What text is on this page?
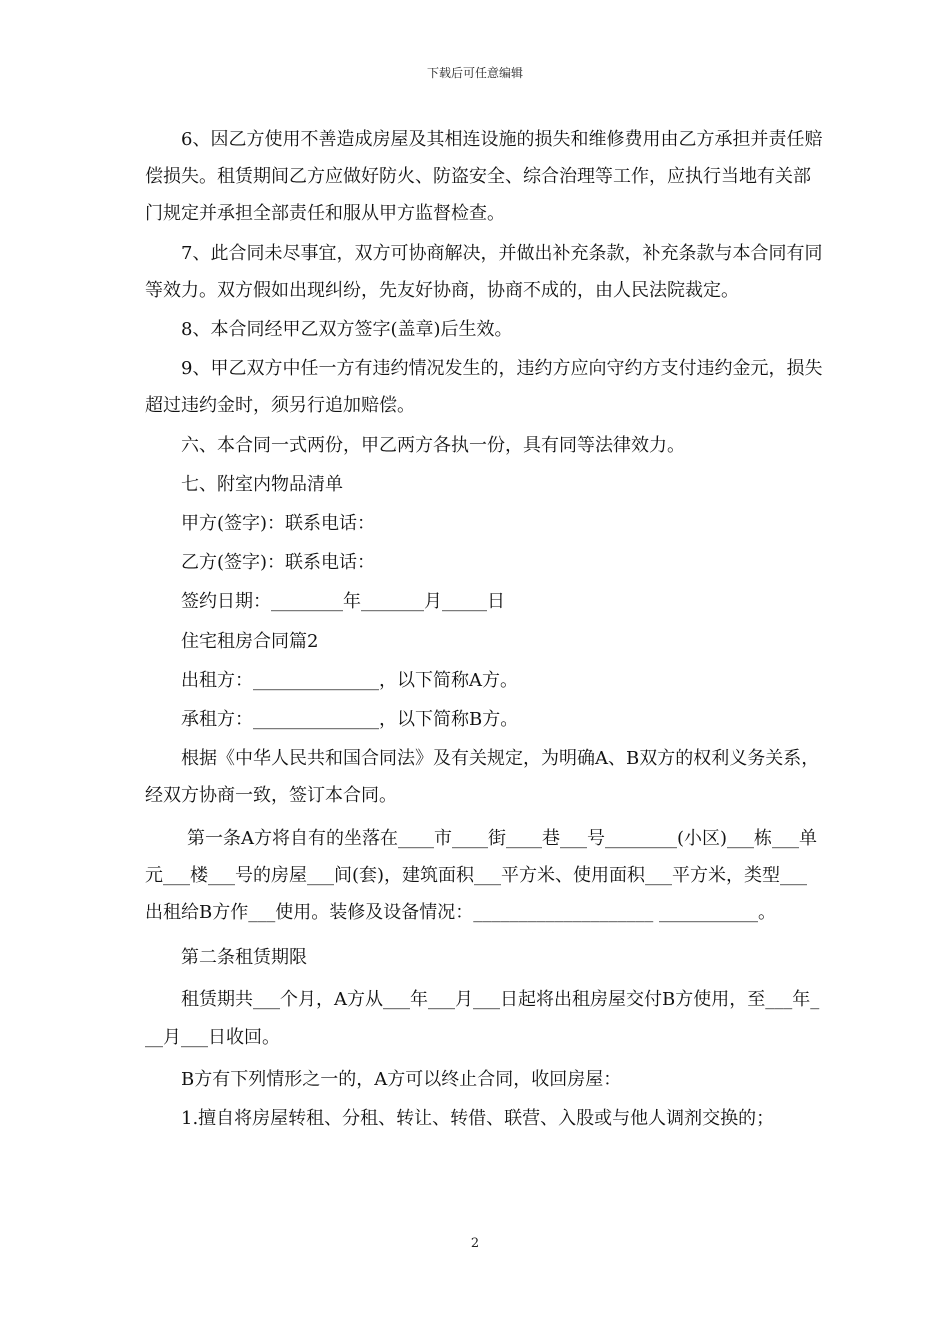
下载后可任意编辑

6、因乙方使用不善造成房屋及其相连设施的损失和维修费用由乙方承担并责任赔偿损失。租赁期间乙方应做好防火、防盗安全、综合治理等工作，应执行当地有关部门规定并承担全部责任和服从甲方监督检查。

7、此合同未尽事宜，双方可协商解决，并做出补充条款，补充条款与本合同有同等效力。双方假如出现纠纷，先友好协商，协商不成的，由人民法院裁定。

8、本合同经甲乙双方签字(盖章)后生效。

9、甲乙双方中任一方有违约情况发生的，违约方应向守约方支付违约金元，损失超过违约金时，须另行追加赔偿。

六、本合同一式两份，甲乙两方各执一份，具有同等法律效力。

七、附室内物品清单

甲方(签字)：联系电话：

乙方(签字)：联系电话：

签约日期：________年_______月_____日

住宅租房合同篇2

出租方：______________，以下简称A方。

承租方：______________，以下简称B方。

根据《中华人民共和国合同法》及有关规定，为明确A、B双方的权利义务关系，经双方协商一致，签订本合同。

第一条A方将自有的坐落在____市____街____巷___号________(小区)___栋___单元___楼___号的房屋___间(套)，建筑面积___平方米、使用面积___平方米，类型___出租给B方作___使用。装修及设备情况：____________________ ___________。

第二条租赁期限

租赁期共___个月，A方从___年___月___日起将出租房屋交付B方使用，至___年___月___日收回。

B方有下列情形之一的，A方可以终止合同，收回房屋：

1.擅自将房屋转租、分租、转让、转借、联营、入股或与他人调剂交换的；

2
